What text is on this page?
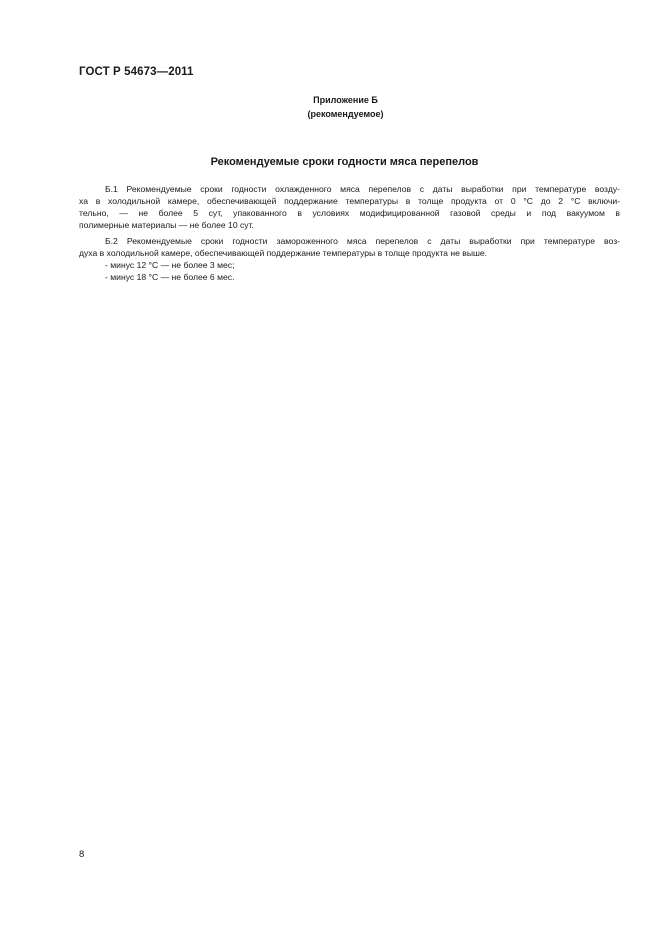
ГОСТ Р 54673—2011
Приложение Б
(рекомендуемое)
Рекомендуемые сроки годности мяса перепелов
Б.1 Рекомендуемые сроки годности охлажденного мяса перепелов с даты выработки при температуре возду-
ха в холодильной камере, обеспечивающей поддержание температуры в толще продукта от 0 °С до 2 °С включи-
тельно, — не более 5 сут, упакованного в условиях модифицированной газовой среды и под вакуумом в
полимерные материалы — не более 10 сут.
Б.2 Рекомендуемые сроки годности замороженного мяса перепелов с даты выработки при температуре воз-
духа в холодильной камере, обеспечивающей поддержание температуры в толще продукта не выше.
- минус 12 °С — не более 3 мес;
- минус 18 °С — не более 6 мес.
8
